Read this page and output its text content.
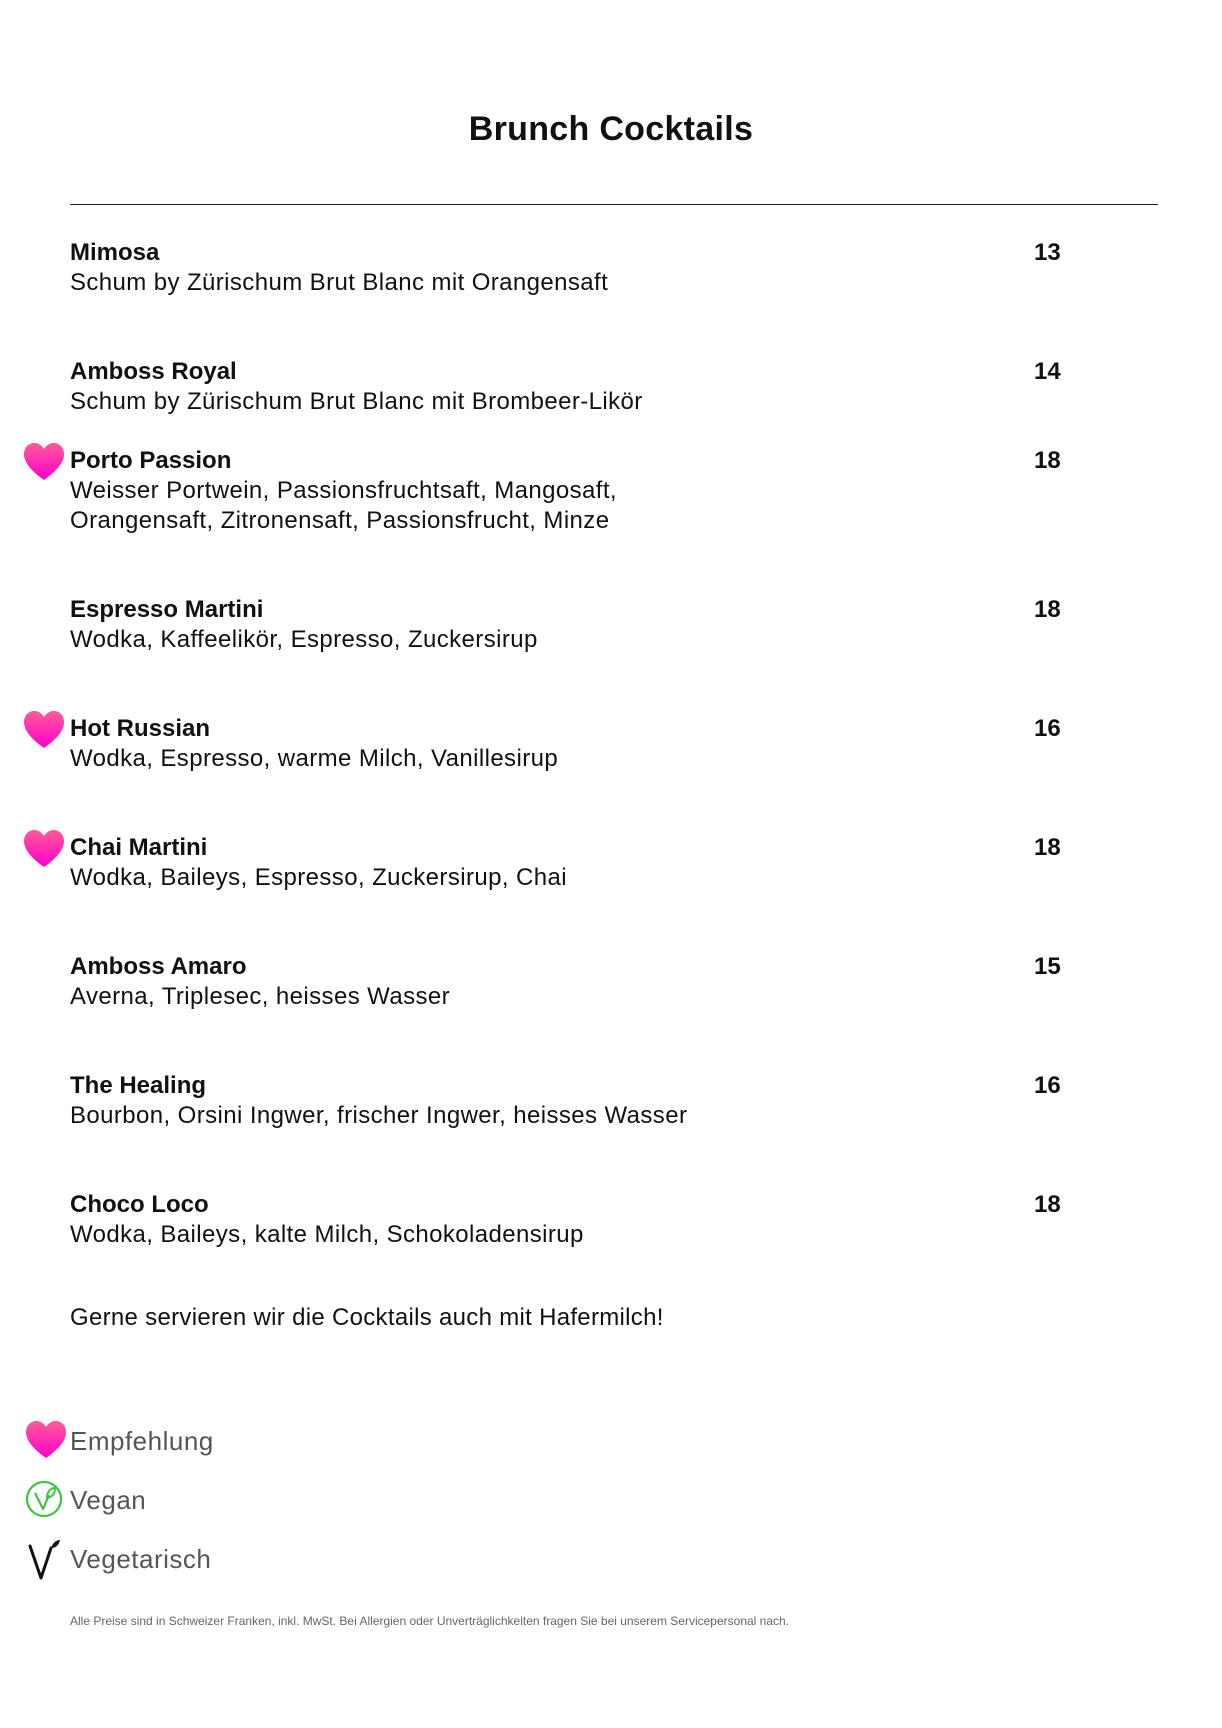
Brunch Cocktails
Mimosa
Schum by Zürischum Brut Blanc mit Orangensaft
13
Amboss Royal
Schum by Zürischum Brut Blanc mit Brombeer-Likör
14
Porto Passion
Weisser Portwein, Passionsfruchtsaft, Mangosaft,
Orangensaft, Zitronensaft, Passionsfrucht, Minze
18
Espresso Martini
Wodka, Kaffeelikör, Espresso, Zuckersirup
18
Hot Russian
Wodka, Espresso, warme Milch, Vanillesirup
16
Chai Martini
Wodka, Baileys, Espresso, Zuckersirup, Chai
18
Amboss Amaro
Averna, Triplesec, heisses Wasser
15
The Healing
Bourbon, Orsini Ingwer, frischer Ingwer, heisses Wasser
16
Choco Loco
Wodka, Baileys, kalte Milch, Schokoladensirup
18
Gerne servieren wir die Cocktails auch mit Hafermilch!
Empfehlung
Vegan
Vegetarisch
Alle Preise sind in Schweizer Franken, inkl. MwSt. Bei Allergien oder Unverträglichkeiten fragen Sie bei unserem Servicepersonal nach.
